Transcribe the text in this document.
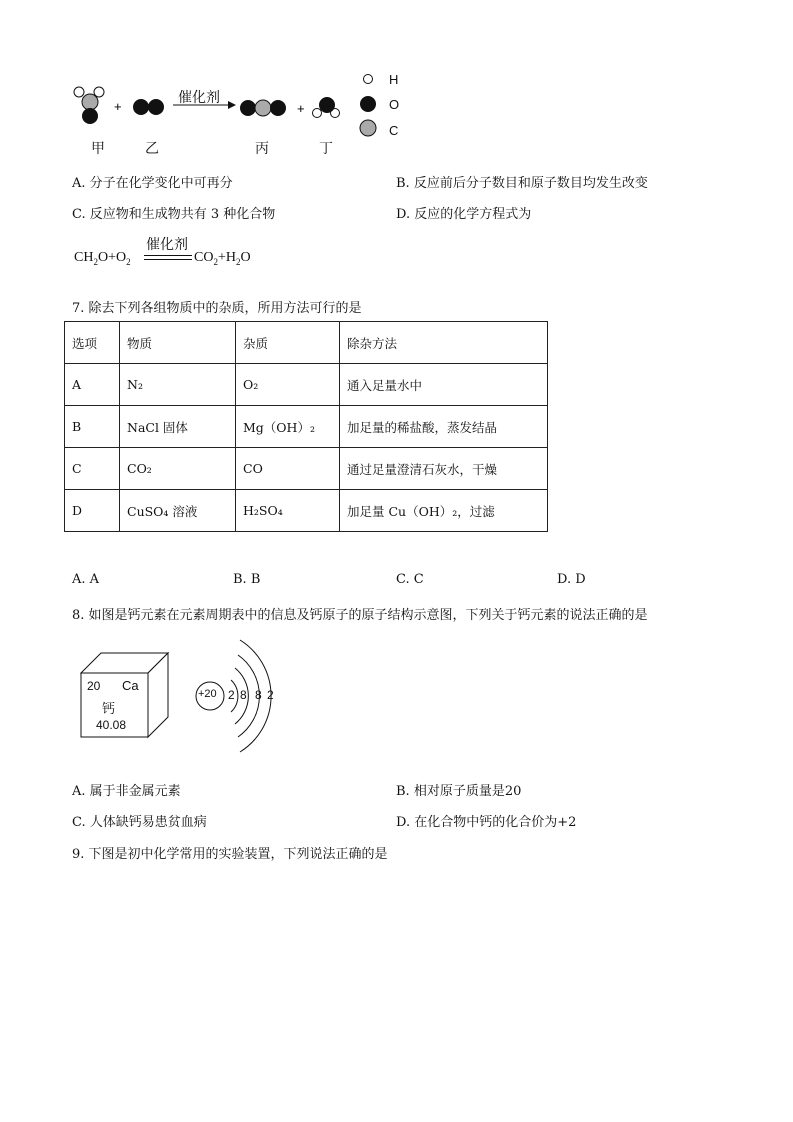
+	+
催化剂
甲	乙	丙	丁
H
O
C
A. 分子在化学变化中可再分	B. 反应前后分子数目和原子数目均发生改变
C. 反应物和生成物共有 3 种化合物	D. 反应的化学方程式为
$CH_2O+O_2$
催化剂
$CO_2+H_2O$
7. 除去下列各组物质中的杂质，所用方法可行的是
选项	物质	杂质	除杂方法
A	N₂	O₂	通入足量水中
B	NaCl 固体	Mg（OH）₂	加足量的稀盐酸，蒸发结晶
C	CO₂	CO	通过足量澄清石灰水，干燥
D	CuSO₄ 溶液	H₂SO₄	加足量 Cu（OH）₂，过滤
A. A	B. B	C. C	D. D
8. 如图是钙元素在元素周期表中的信息及钙原子的原子结构示意图，下列关于钙元素的说法正确的是
20 Ca
钙
40.08
+20 2 8 8 2
A. 属于非金属元素	B. 相对原子质量是20
C. 人体缺钙易患贫血病	D. 在化合物中钙的化合价为+2
9. 下图是初中化学常用的实验装置，下列说法正确的是
